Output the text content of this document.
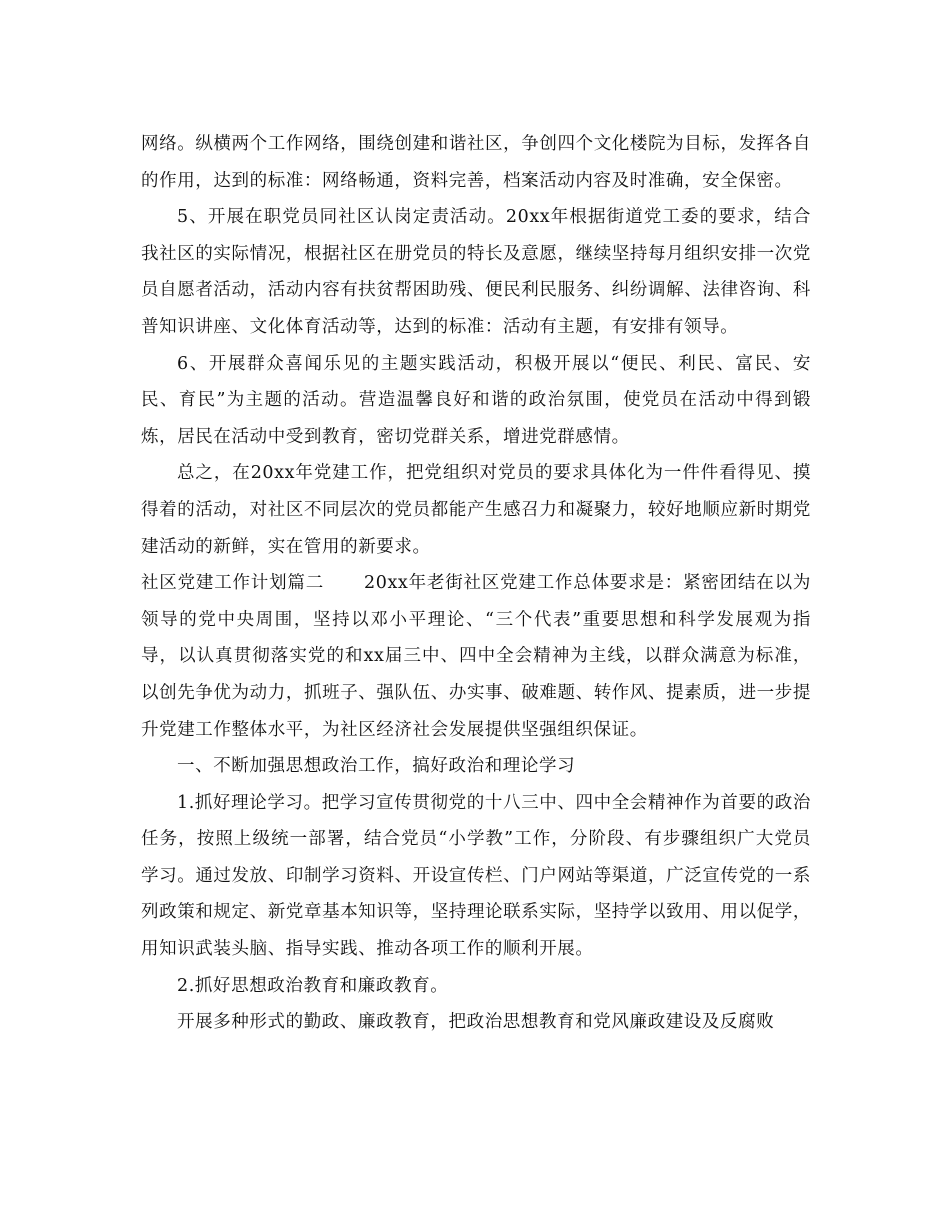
网络。纵横两个工作网络，围绕创建和谐社区，争创四个文化楼院为目标，发挥各自的作用，达到的标准：网络畅通，资料完善，档案活动内容及时准确，安全保密。

5、开展在职党员同社区认岗定责活动。20xx年根据街道党工委的要求，结合我社区的实际情况，根据社区在册党员的特长及意愿，继续坚持每月组织安排一次党员自愿者活动，活动内容有扶贫帮困助残、便民利民服务、纠纷调解、法律咨询、科普知识讲座、文化体育活动等，达到的标准：活动有主题，有安排有领导。

6、开展群众喜闻乐见的主题实践活动，积极开展以“便民、利民、富民、安民、育民”为主题的活动。营造温馨良好和谐的政治氛围，使党员在活动中得到锻炼，居民在活动中受到教育，密切党群关系，增进党群感情。

总之，在20xx年党建工作，把党组织对党员的要求具体化为一件件看得见、摸得着的活动，对社区不同层次的党员都能产生感召力和凝聚力，较好地顺应新时期党建活动的新鲜，实在管用的新要求。

社区党建工作计划篇二 20xx年老街社区党建工作总体要求是：紧密团结在以为领导的党中央周围，坚持以邓小平理论、“三个代表”重要思想和科学发展观为指导，以认真贯彻落实党的和xx届三中、四中全会精神为主线，以群众满意为标准，以创先争优为动力，抓班子、强队伍、办实事、破难题、转作风、提素质，进一步提升党建工作整体水平，为社区经济社会发展提供坚强组织保证。

一、不断加强思想政治工作，搞好政治和理论学习

1.抓好理论学习。把学习宣传贯彻党的十八三中、四中全会精神作为首要的政治任务，按照上级统一部署，结合党员“小学教”工作，分阶段、有步骤组织广大党员学习。通过发放、印制学习资料、开设宣传栏、门户网站等渠道，广泛宣传党的一系列政策和规定、新党章基本知识等，坚持理论联系实际，坚持学以致用、用以促学，用知识武装头脑、指导实践、推动各项工作的顺利开展。

2.抓好思想政治教育和廉政教育。

开展多种形式的勤政、廉政教育，把政治思想教育和党风廉政建设及反腐败
